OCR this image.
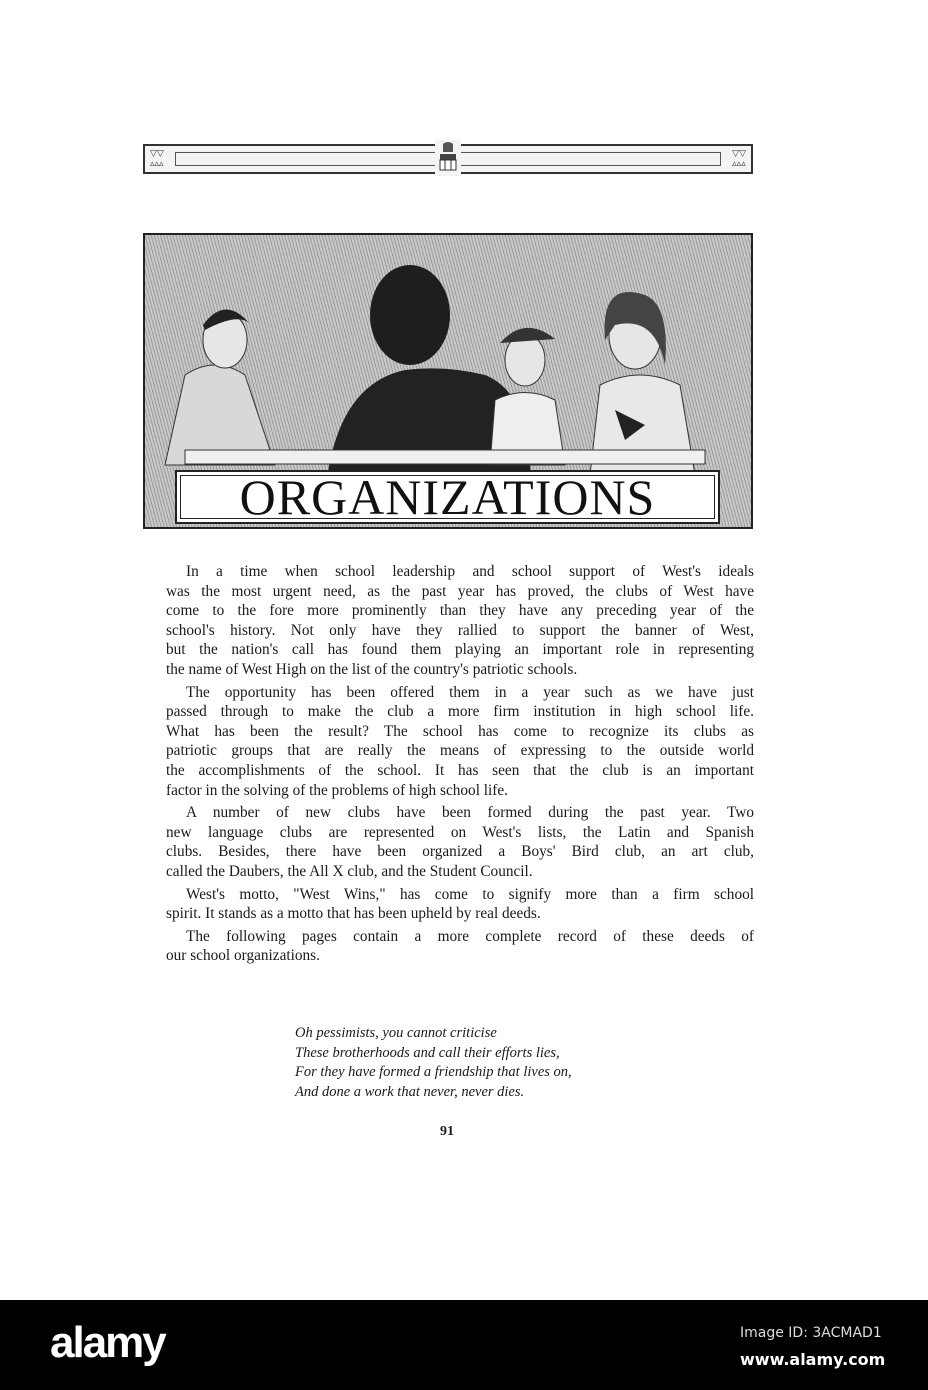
▽▽
▵▵▵
▽▽
▵▵▵
ORGANIZATIONS
In a time when school leadership and school support of West's ideals
was the most urgent need, as the past year has proved, the clubs of West have
come to the fore more prominently than they have any preceding year of the
school's history. Not only have they rallied to support the banner of West,
but the nation's call has found them playing an important role in representing
the name of West High on the list of the country's patriotic schools.
The opportunity has been offered them in a year such as we have just
passed through to make the club a more firm institution in high school life.
What has been the result? The school has come to recognize its clubs as
patriotic groups that are really the means of expressing to the outside world
the accomplishments of the school. It has seen that the club is an important
factor in the solving of the problems of high school life.
A number of new clubs have been formed during the past year. Two
new language clubs are represented on West's lists, the Latin and Spanish
clubs. Besides, there have been organized a Boys' Bird club, an art club,
called the Daubers, the All X club, and the Student Council.
West's motto, "West Wins," has come to signify more than a firm school
spirit. It stands as a motto that has been upheld by real deeds.
The following pages contain a more complete record of these deeds of
our school organizations.
Oh pessimists, you cannot criticise
These brotherhoods and call their efforts lies,
For they have formed a friendship that lives on,
And done a work that never, never dies.
91
alamy	Image ID: 3ACMAD1
www.alamy.com
